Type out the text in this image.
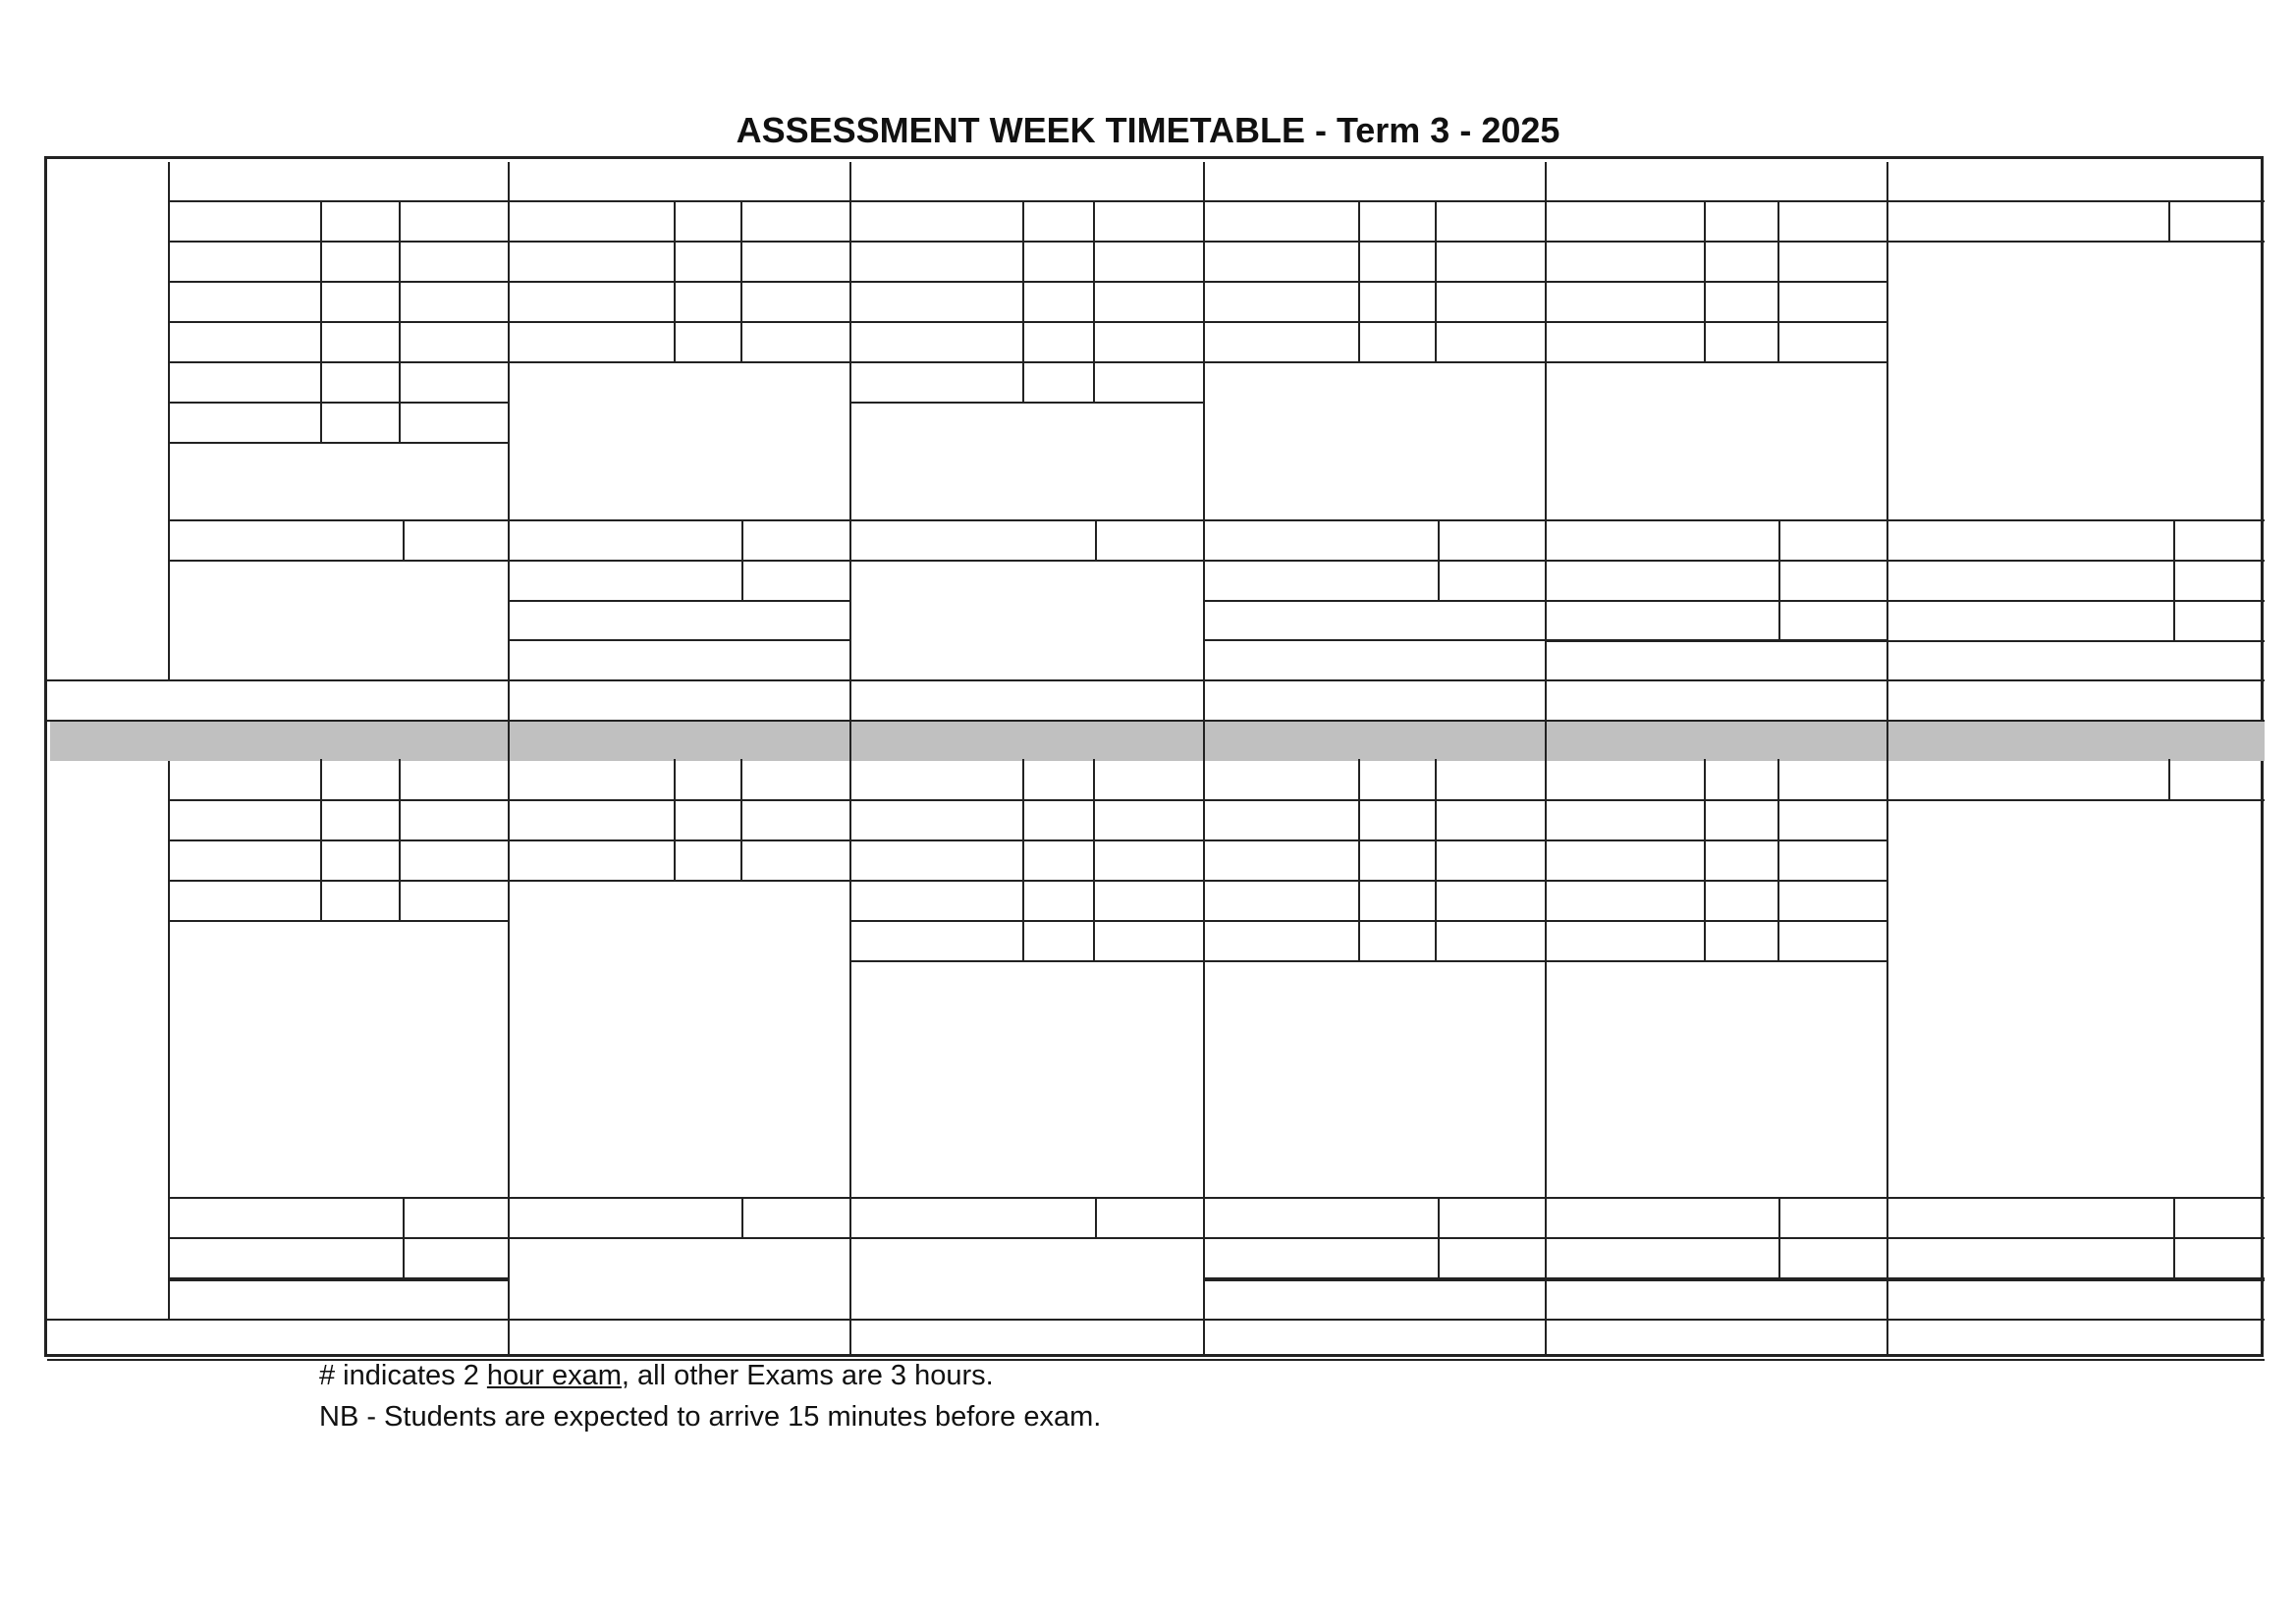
ASSESSMENT WEEK TIMETABLE - Term 3 - 2025
# indicates 2 hour exam, all other Exams are 3 hours.
NB - Students are expected to arrive 15 minutes before exam.
